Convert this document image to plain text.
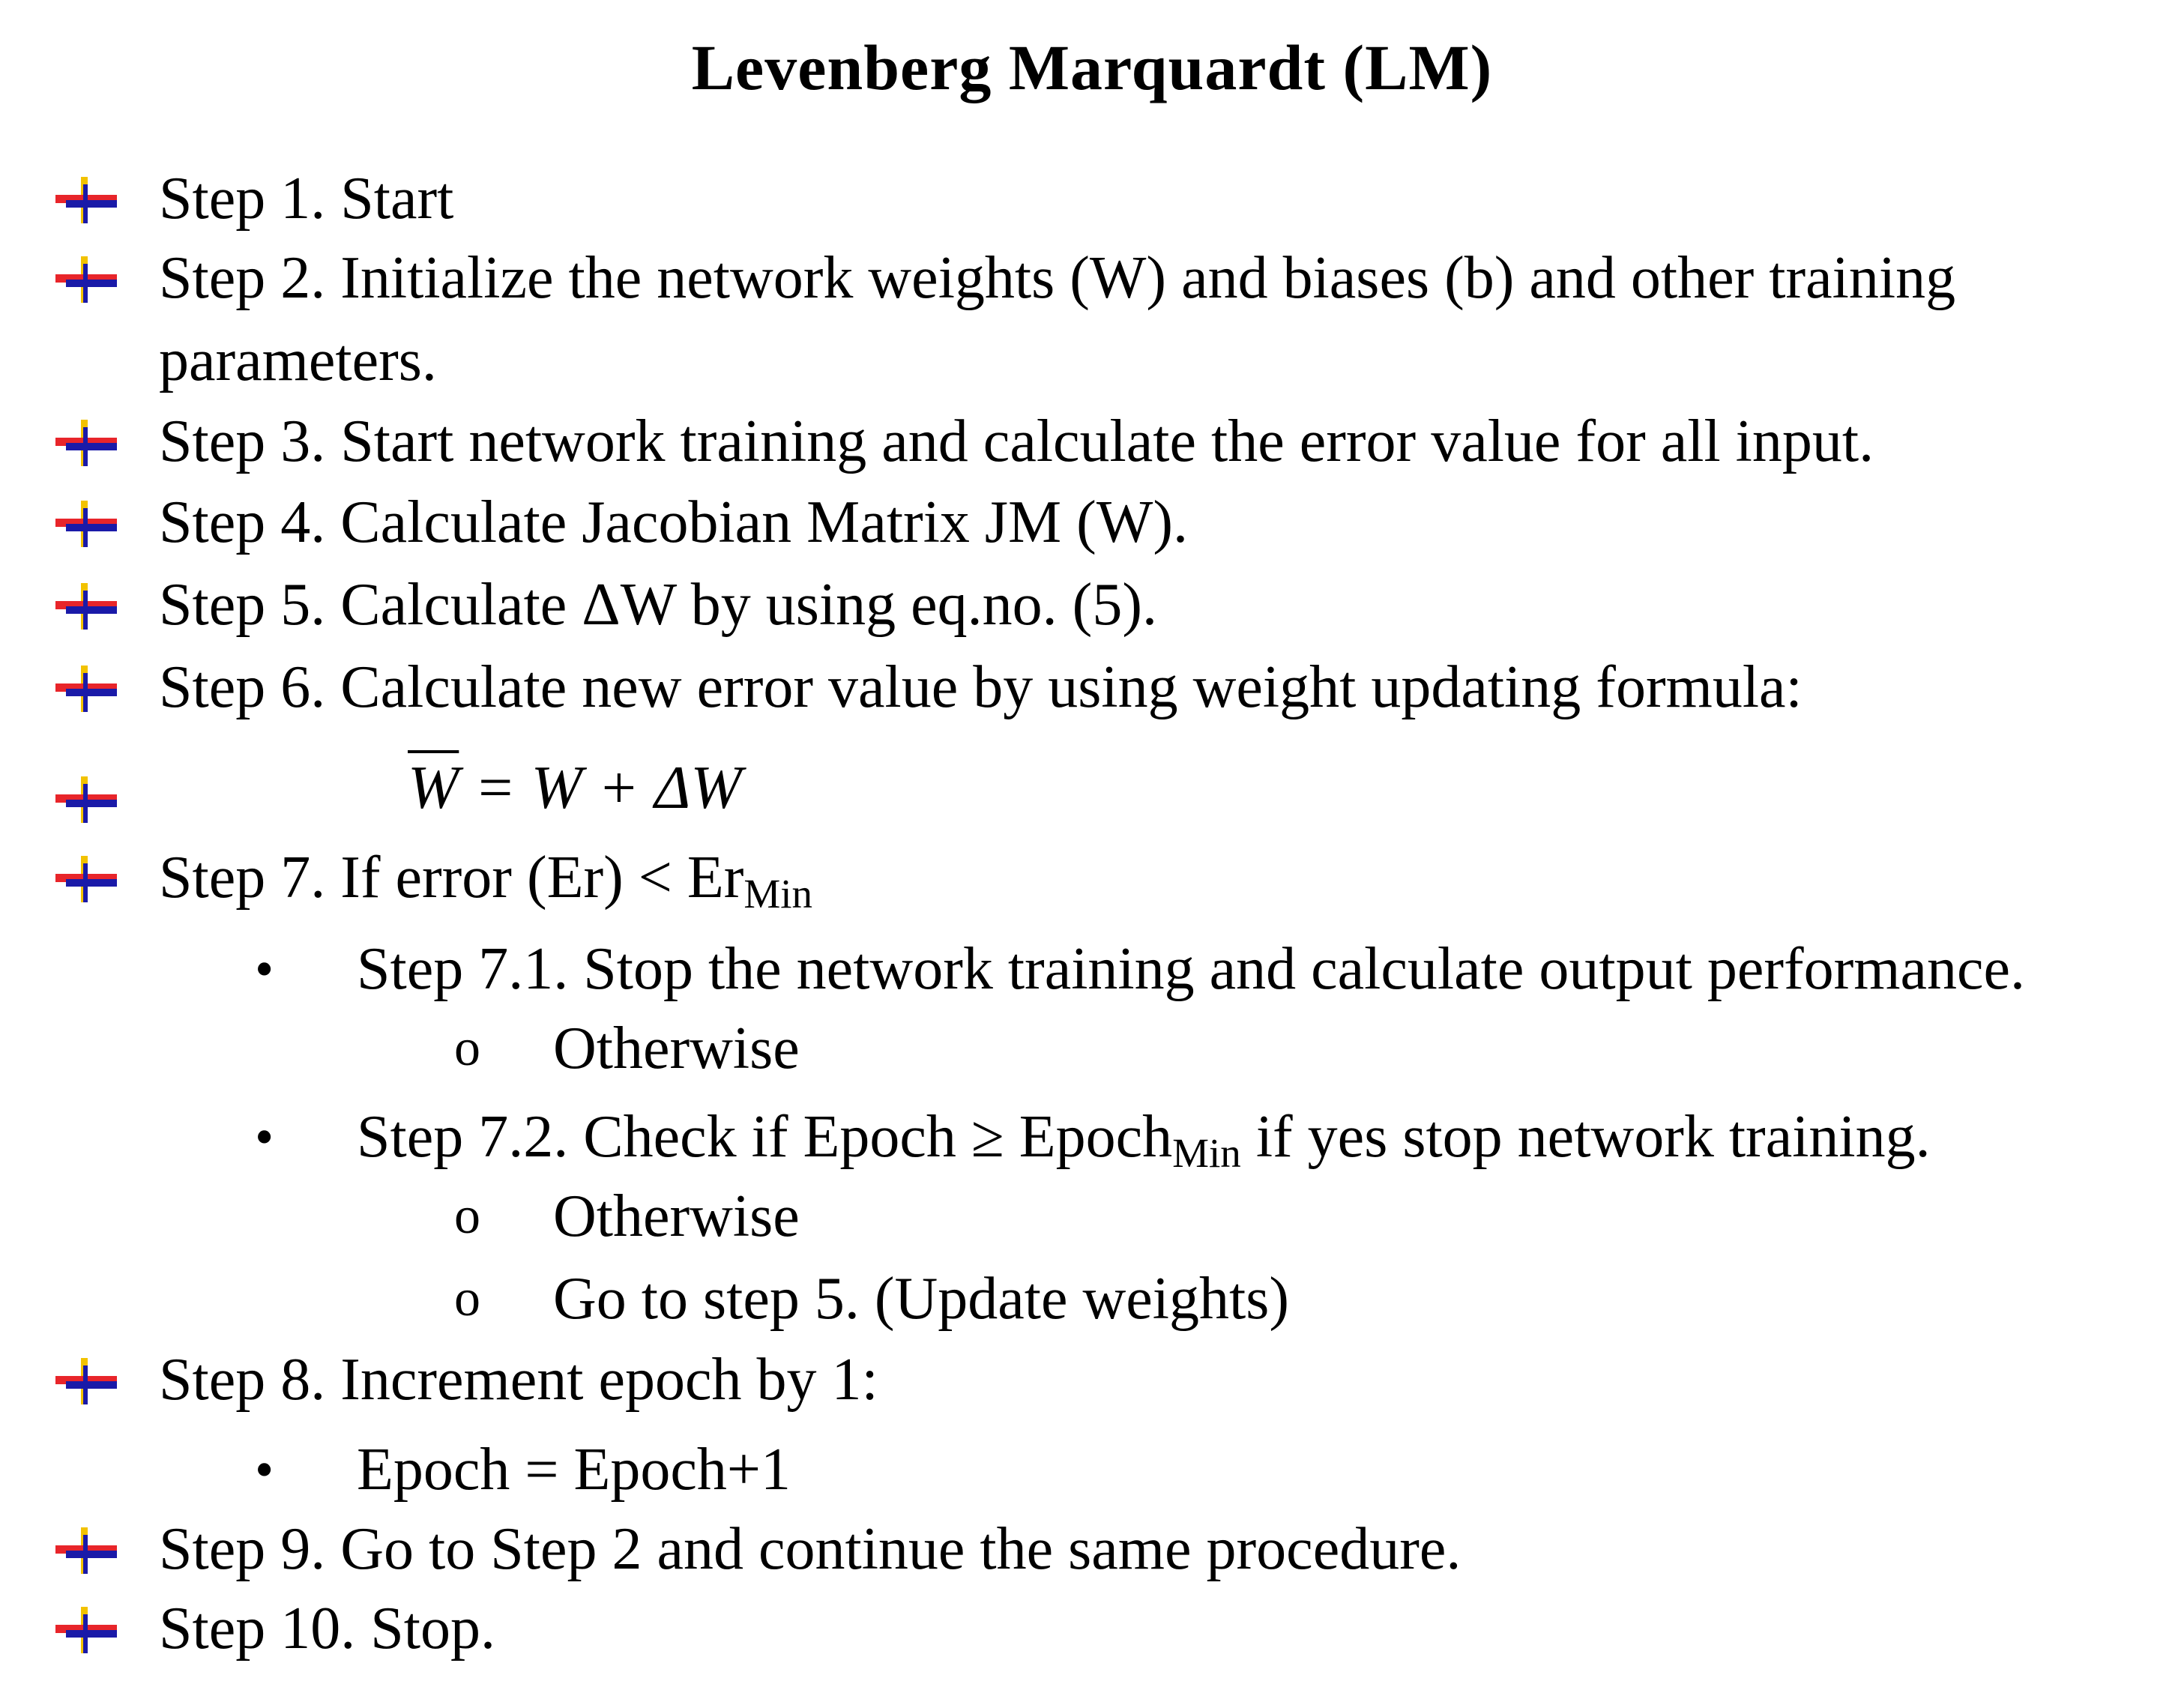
Levenberg Marquardt (LM)
Step 1. Start
Step 2. Initialize the network weights (W) and biases (b) and other training
parameters.
Step 3. Start network training and calculate the error value for all input.
Step 4. Calculate Jacobian Matrix JM (W).
Step 5. Calculate ΔW by using eq.no. (5).
Step 6. Calculate new error value by using weight updating formula:
$\overline{W} = W + \Delta W$
Step 7. If error $(Er) < Er_{Min}$
• Step 7.1. Stop the network training and calculate output performance.
o Otherwise
• Step 7.2. Check if Epoch ≥ Epoch$_{Min}$ if yes stop network training.
o Otherwise
o Go to step 5. (Update weights)
Step 8. Increment epoch by 1:
• Epoch = Epoch+1
Step 9. Go to Step 2 and continue the same procedure.
Step 10. Stop.
